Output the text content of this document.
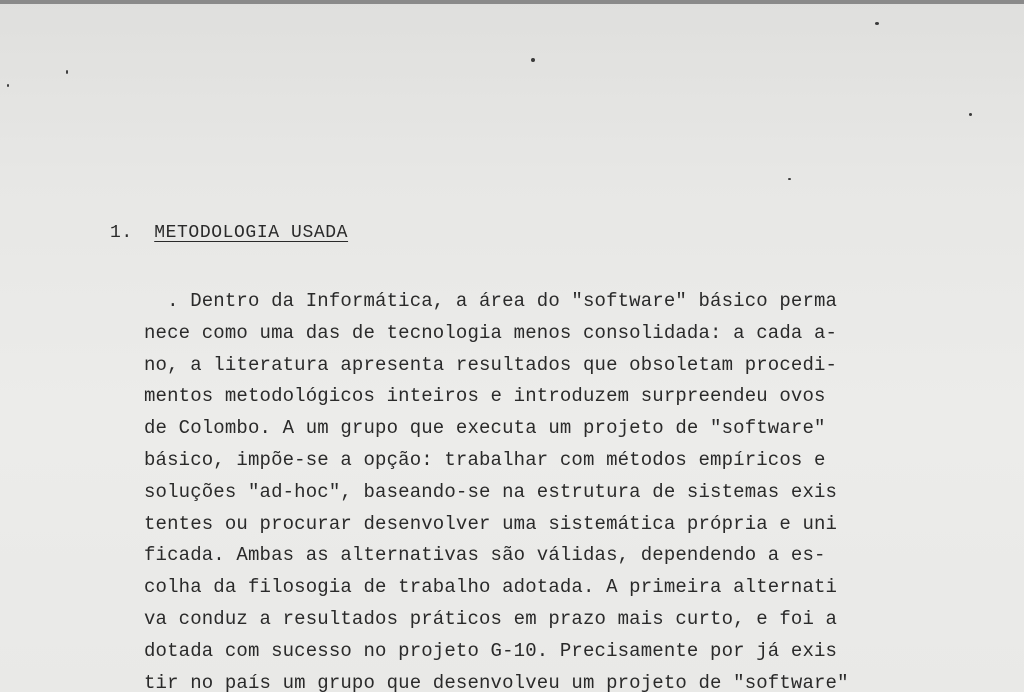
1. METODOLOGIA USADA
. Dentro da Informática, a área do "software" básico perma
nece como uma das de tecnologia menos consolidada: a cada a-
no, a literatura apresenta resultados que obsoletam procedi-
mentos metodológicos inteiros e introduzem surpreendeu ovos
de Colombo. A um grupo que executa um projeto de "software"
básico, impõe-se a opção: trabalhar com métodos empíricos e
soluções "ad-hoc", baseando-se na estrutura de sistemas exis
tentes ou procurar desenvolver uma sistemática própria e uni
ficada. Ambas as alternativas são válidas, dependendo a es-
colha da filosogia de trabalho adotada. A primeira alternati
va conduz a resultados práticos em prazo mais curto, e foi a
dotada com sucesso no projeto G-10. Precisamente por já exis
tir no país um grupo que desenvolveu um projeto de "software"
